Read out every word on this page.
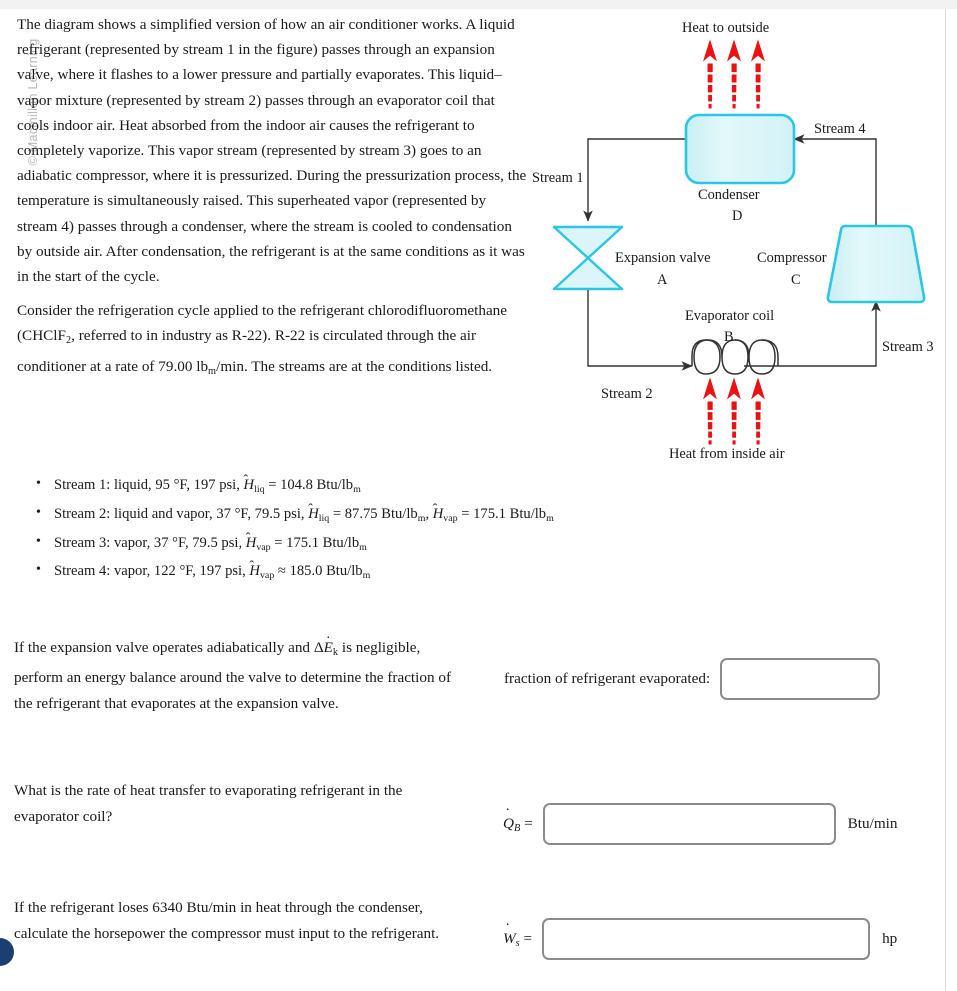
© Macmillan Learning

The diagram shows a simplified version of how an air conditioner works. A liquid refrigerant (represented by stream 1 in the figure) passes through an expansion valve, where it flashes to a lower pressure and partially evaporates. This liquid–vapor mixture (represented by stream 2) passes through an evaporator coil that cools indoor air. Heat absorbed from the indoor air causes the refrigerant to completely vaporize. This vapor stream (represented by stream 3) goes to an adiabatic compressor, where it is pressurized. During the pressurization process, the temperature is simultaneously raised. This superheated vapor (represented by stream 4) passes through a condenser, where the stream is cooled to condensation by outside air. After condensation, the refrigerant is at the same conditions as it was in the start of the cycle.

Consider the refrigeration cycle applied to the refrigerant chlorodifluoromethane (CHClF$_2$, referred to in industry as R-22). R-22 is circulated through the air conditioner at a rate of 79.00 $lb_m/\min$. The streams are at the conditions listed.

• Stream 1: liquid, 95 °F, 197 psi, H ˆ$_{liq}$ = 104.8 Btu/$lb_m$
• Stream 2: liquid and vapor, 37 °F, 79.5 psi, H ˆ$_{liq}$ = 87.75 Btu/$lb_m$, H ˆ$_{vap}$ = 175.1 Btu/$lb_m$
• Stream 3: vapor, 37 °F, 79.5 psi, H ˆ$_{vap}$ = 175.1 Btu/$lb_m$
• Stream 4: vapor, 122 °F, 197 psi, H ˆ$_{vap}$ ≈ 185.0 Btu/$lb_m$
Heat to outside
Heat from inside air
Condenser
D
Expansion valve
A
Compressor
C
Evaporator coil
B
Stream 1
Stream 2
Stream 3
Stream 4
If the expansion valve operates adiabatically and ΔE $˙_k$ is negligible, perform an energy balance around the valve to determine the fraction of the refrigerant that evaporates at the expansion valve.
fraction of refrigerant evaporated:
What is the rate of heat transfer to evaporating refrigerant in the evaporator coil?	Q $˙_B$ =	Btu/min
If the refrigerant loses 6340 Btu/min in heat through the condenser, calculate the horsepower the compressor must input to the refrigerant.	W $˙_s$ =	hp
